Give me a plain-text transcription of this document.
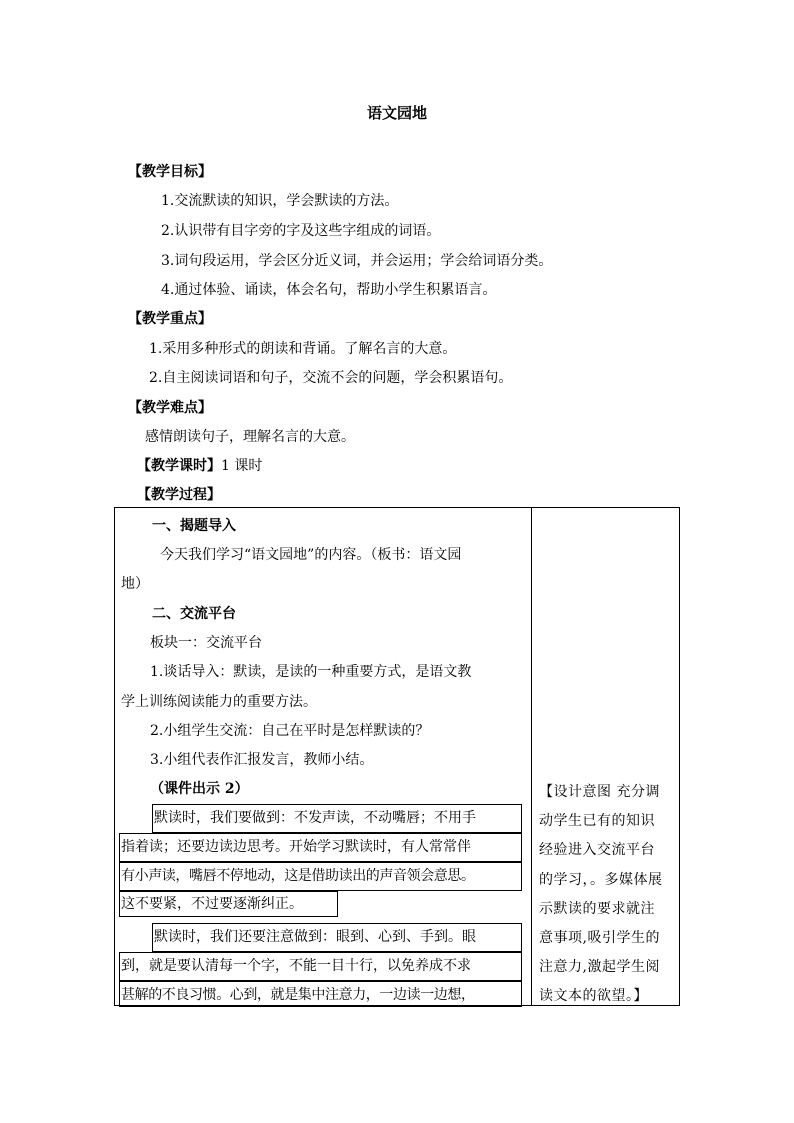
语文园地
【教学目标】
1.交流默读的知识，学会默读的方法。
2.认识带有目字旁的字及这些字组成的词语。
3.词句段运用，学会区分近义词，并会运用；学会给词语分类。
4.通过体验、诵读，体会名句，帮助小学生积累语言。
【教学重点】
1.采用多种形式的朗读和背诵。了解名言的大意。
2.自主阅读词语和句子，交流不会的问题，学会积累语句。
【教学难点】
感情朗读句子，理解名言的大意。
【教学课时】1 课时
【教学过程】
一、揭题导入
今天我们学习“语文园地”的内容。（板书：语文园
地）
二、交流平台
板块一：交流平台
1.谈话导入：默读，是读的一种重要方式，是语文教
学上训练阅读能力的重要方法。
2.小组学生交流：自己在平时是怎样默读的？
3.小组代表作汇报发言，教师小结。
（课件出示 2）
默读时，我们要做到：不发声读，不动嘴唇；不用手
指着读；还要边读边思考。开始学习默读时，有人常常伴
有小声读，嘴唇不停地动，这是借助读出的声音领会意思。
这不要紧，不过要逐渐纠正。
默读时，我们还要注意做到：眼到、心到、手到。眼
到，就是要认清每一个字，不能一目十行，以免养成不求
甚解的不良习惯。心到，就是集中注意力，一边读一边想，
【设计意图 充分调
动学生已有的知识
经验进入交流平台
的学习，。多媒体展
示默读的要求就注
意事项,吸引学生的
注意力,激起学生阅
读文本的欲望。】
